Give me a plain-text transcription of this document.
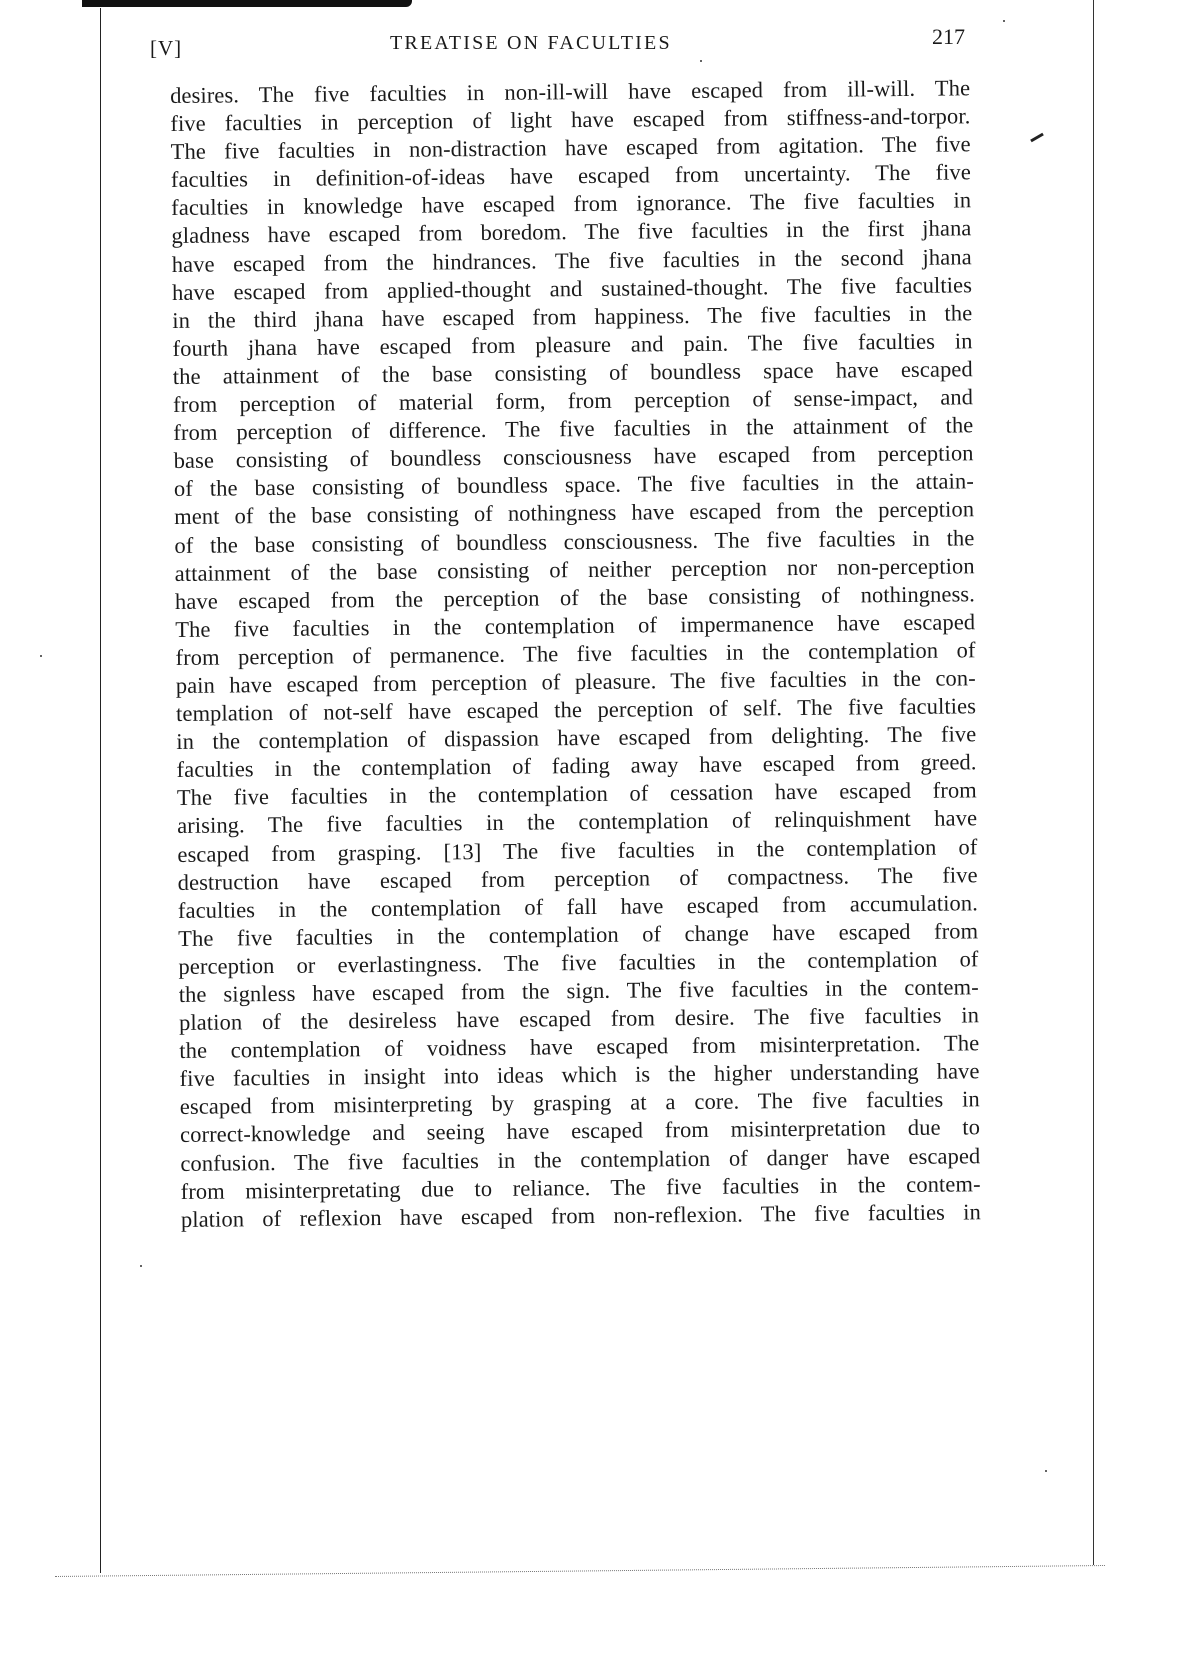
[V]	TREATISE ON FACULTIES	217
desires. The five faculties in non-ill-will have escaped from ill-will. The
five faculties in perception of light have escaped from stiffness-and-torpor.
The five faculties in non-distraction have escaped from agitation. The five
faculties in definition-of-ideas have escaped from uncertainty. The five
faculties in knowledge have escaped from ignorance. The five faculties in
gladness have escaped from boredom. The five faculties in the first jhana
have escaped from the hindrances. The five faculties in the second jhana
have escaped from applied-thought and sustained-thought. The five faculties
in the third jhana have escaped from happiness. The five faculties in the
fourth jhana have escaped from pleasure and pain. The five faculties in
the attainment of the base consisting of boundless space have escaped
from perception of material form, from perception of sense-impact, and
from perception of difference. The five faculties in the attainment of the
base consisting of boundless consciousness have escaped from perception
of the base consisting of boundless space. The five faculties in the attain-
ment of the base consisting of nothingness have escaped from the perception
of the base consisting of boundless consciousness. The five faculties in the
attainment of the base consisting of neither perception nor non-perception
have escaped from the perception of the base consisting of nothingness.
The five faculties in the contemplation of impermanence have escaped
from perception of permanence. The five faculties in the contemplation of
pain have escaped from perception of pleasure. The five faculties in the con-
templation of not-self have escaped the perception of self. The five faculties
in the contemplation of dispassion have escaped from delighting. The five
faculties in the contemplation of fading away have escaped from greed.
The five faculties in the contemplation of cessation have escaped from
arising. The five faculties in the contemplation of relinquishment have
escaped from grasping. [13] The five faculties in the contemplation of
destruction have escaped from perception of compactness. The five
faculties in the contemplation of fall have escaped from accumulation.
The five faculties in the contemplation of change have escaped from
perception or everlastingness. The five faculties in the contemplation of
the signless have escaped from the sign. The five faculties in the contem-
plation of the desireless have escaped from desire. The five faculties in
the contemplation of voidness have escaped from misinterpretation. The
five faculties in insight into ideas which is the higher understanding have
escaped from misinterpreting by grasping at a core. The five faculties in
correct-knowledge and seeing have escaped from misinterpretation due to
confusion. The five faculties in the contemplation of danger have escaped
from misinterpretating due to reliance. The five faculties in the contem-
plation of reflexion have escaped from non-reflexion. The five faculties in
